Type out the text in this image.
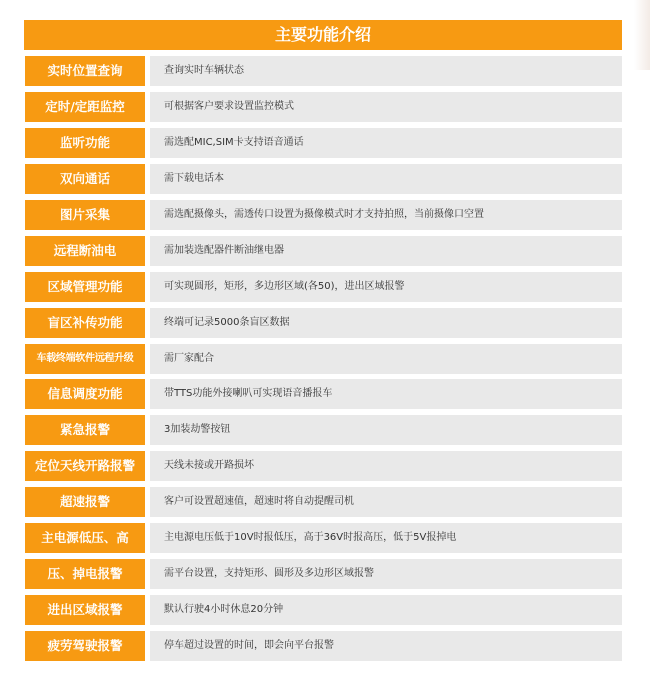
主要功能介绍
实时位置查询	查询实时车辆状态
定时/定距监控	可根据客户要求设置监控模式
监听功能	需选配MIC,SIM卡支持语音通话
双向通话	需下载电话本
图片采集	需选配摄像头，需透传口设置为摄像模式时才支持拍照，当前摄像口空置
远程断油电	需加装选配器件断油继电器
区域管理功能	可实现圆形，矩形，多边形区域(各50)，进出区域报警
盲区补传功能	终端可记录5000条盲区数据
车载终端软件远程升级	需厂家配合
信息调度功能	带TTS功能外接喇叭可实现语音播报车
紧急报警	3加装劫警按钮
定位天线开路报警	天线未接或开路损坏
超速报警	客户可设置超速值，超速时将自动提醒司机
主电源低压、高	主电源电压低于10V时报低压，高于36V时报高压，低于5V报掉电
压、掉电报警	需平台设置，支持矩形、圆形及多边形区域报警
进出区域报警	默认行驶4小时休息20分钟
疲劳驾驶报警	停车超过设置的时间，即会向平台报警
